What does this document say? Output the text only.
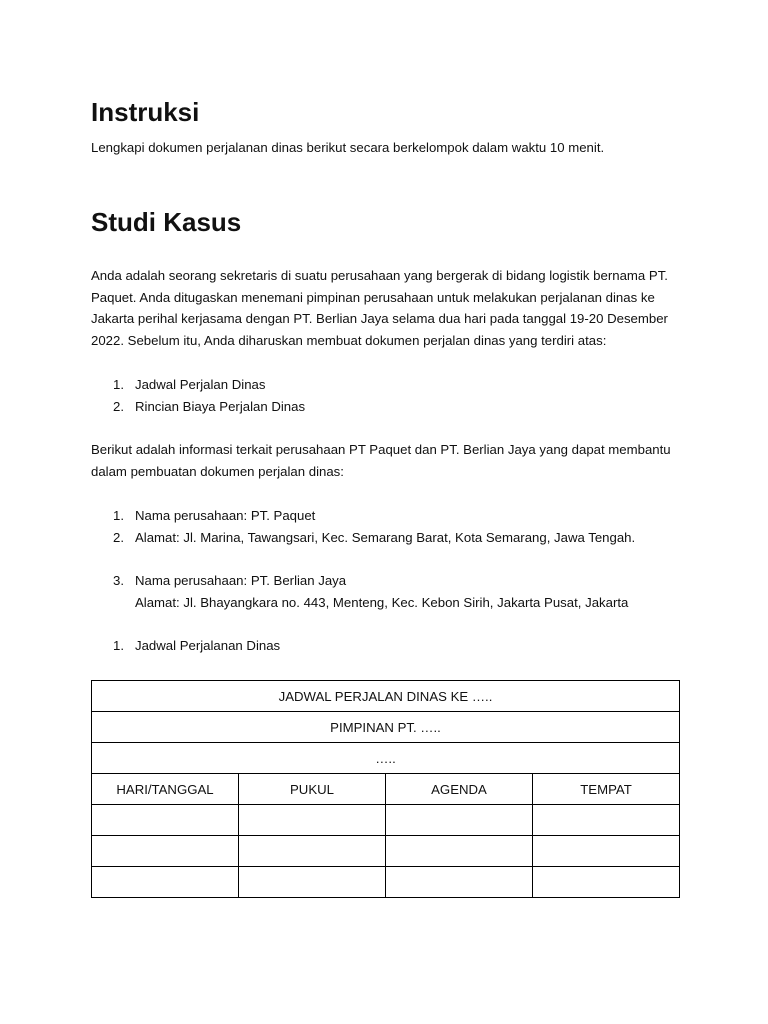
Instruksi

Lengkapi dokumen perjalanan dinas berikut secara berkelompok dalam waktu 10 menit.

Studi Kasus

Anda adalah seorang sekretaris di suatu perusahaan yang bergerak di bidang logistik bernama PT. Paquet. Anda ditugaskan menemani pimpinan perusahaan untuk melakukan perjalanan dinas ke Jakarta perihal kerjasama dengan PT. Berlian Jaya selama dua hari pada tanggal 19-20 Desember 2022. Sebelum itu, Anda diharuskan membuat dokumen perjalan dinas yang terdiri atas:

1. Jadwal Perjalan Dinas
2. Rincian Biaya Perjalan Dinas

Berikut adalah informasi terkait perusahaan PT Paquet dan PT. Berlian Jaya yang dapat membantu dalam pembuatan dokumen perjalan dinas:

1. Nama perusahaan: PT. Paquet
2. Alamat: Jl. Marina, Tawangsari, Kec. Semarang Barat, Kota Semarang, Jawa Tengah.
3. Nama perusahaan: PT. Berlian Jaya
Alamat: Jl. Bhayangkara no. 443, Menteng, Kec. Kebon Sirih, Jakarta Pusat, Jakarta
1. Jadwal Perjalanan Dinas
JADWAL PERJALAN DINAS KE …..			
PIMPINAN PT. …..			
…..			
HARI/TANGGAL	PUKUL	AGENDA	TEMPAT
